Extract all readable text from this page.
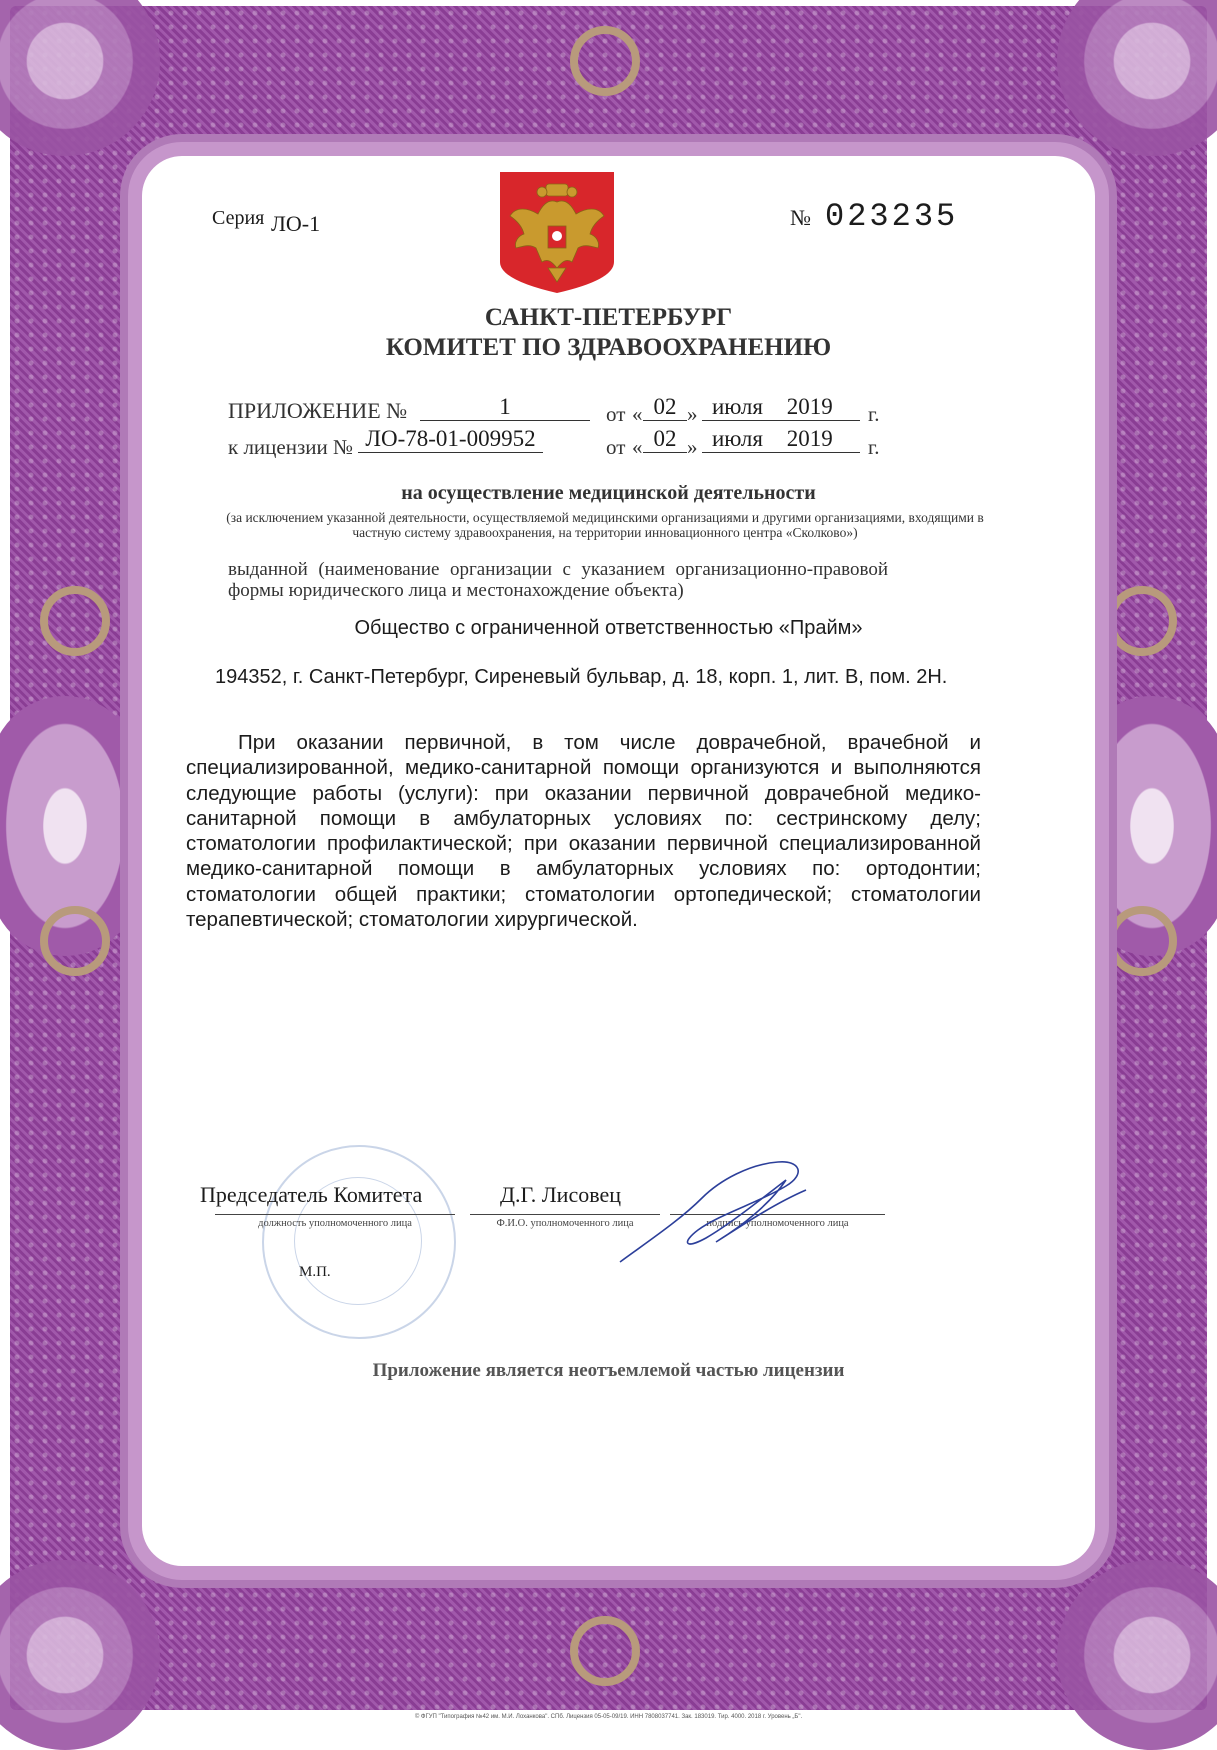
© ФГУП "Типография №42 им. М.И. Лоханкова". СПб. Лицензия 05-05-09/19. ИНН 7808037741. Зак. 183019. Тир. 4000. 2018 г. Уровень „Б".
Серия ЛО-1	№ 023235
САНКТ-ПЕТЕРБУРГ
КОМИТЕТ ПО ЗДРАВООХРАНЕНИЮ
ПРИЛОЖЕНИЕ №	1	от « 02 » июля 2019	г.
к лицензии № ЛО-78-01-009952	от « 02 » июля 2019	г.
на осуществление медицинской деятельности
(за исключением указанной деятельности, осуществляемой медицинскими организациями и другими организациями, входящими в частную систему здравоохранения, на территории инновационного центра «Сколково»)
выданной (наименование организации с указанием организационно-правовой формы юридического лица и местонахождение объекта)
Общество с ограниченной ответственностью «Прайм»
194352, г. Санкт-Петербург, Сиреневый бульвар, д. 18, корп. 1, лит. В, пом. 2Н.
При оказании первичной, в том числе доврачебной, врачебной и специализированной, медико-санитарной помощи организуются и выполняются следующие работы (услуги): при оказании первичной доврачебной медико-санитарной помощи в амбулаторных условиях по: сестринскому делу; стоматологии профилактической; при оказании первичной специализированной медико-санитарной помощи в амбулаторных условиях по: ортодонтии; стоматологии общей практики; стоматологии ортопедической; стоматологии терапевтической; стоматологии хирургической.
Председатель Комитета	Д.Г. Лисовец
должность уполномоченного лица	Ф.И.О. уполномоченного лица	подпись уполномоченного лица
М.П.
Приложение является неотъемлемой частью лицензии
